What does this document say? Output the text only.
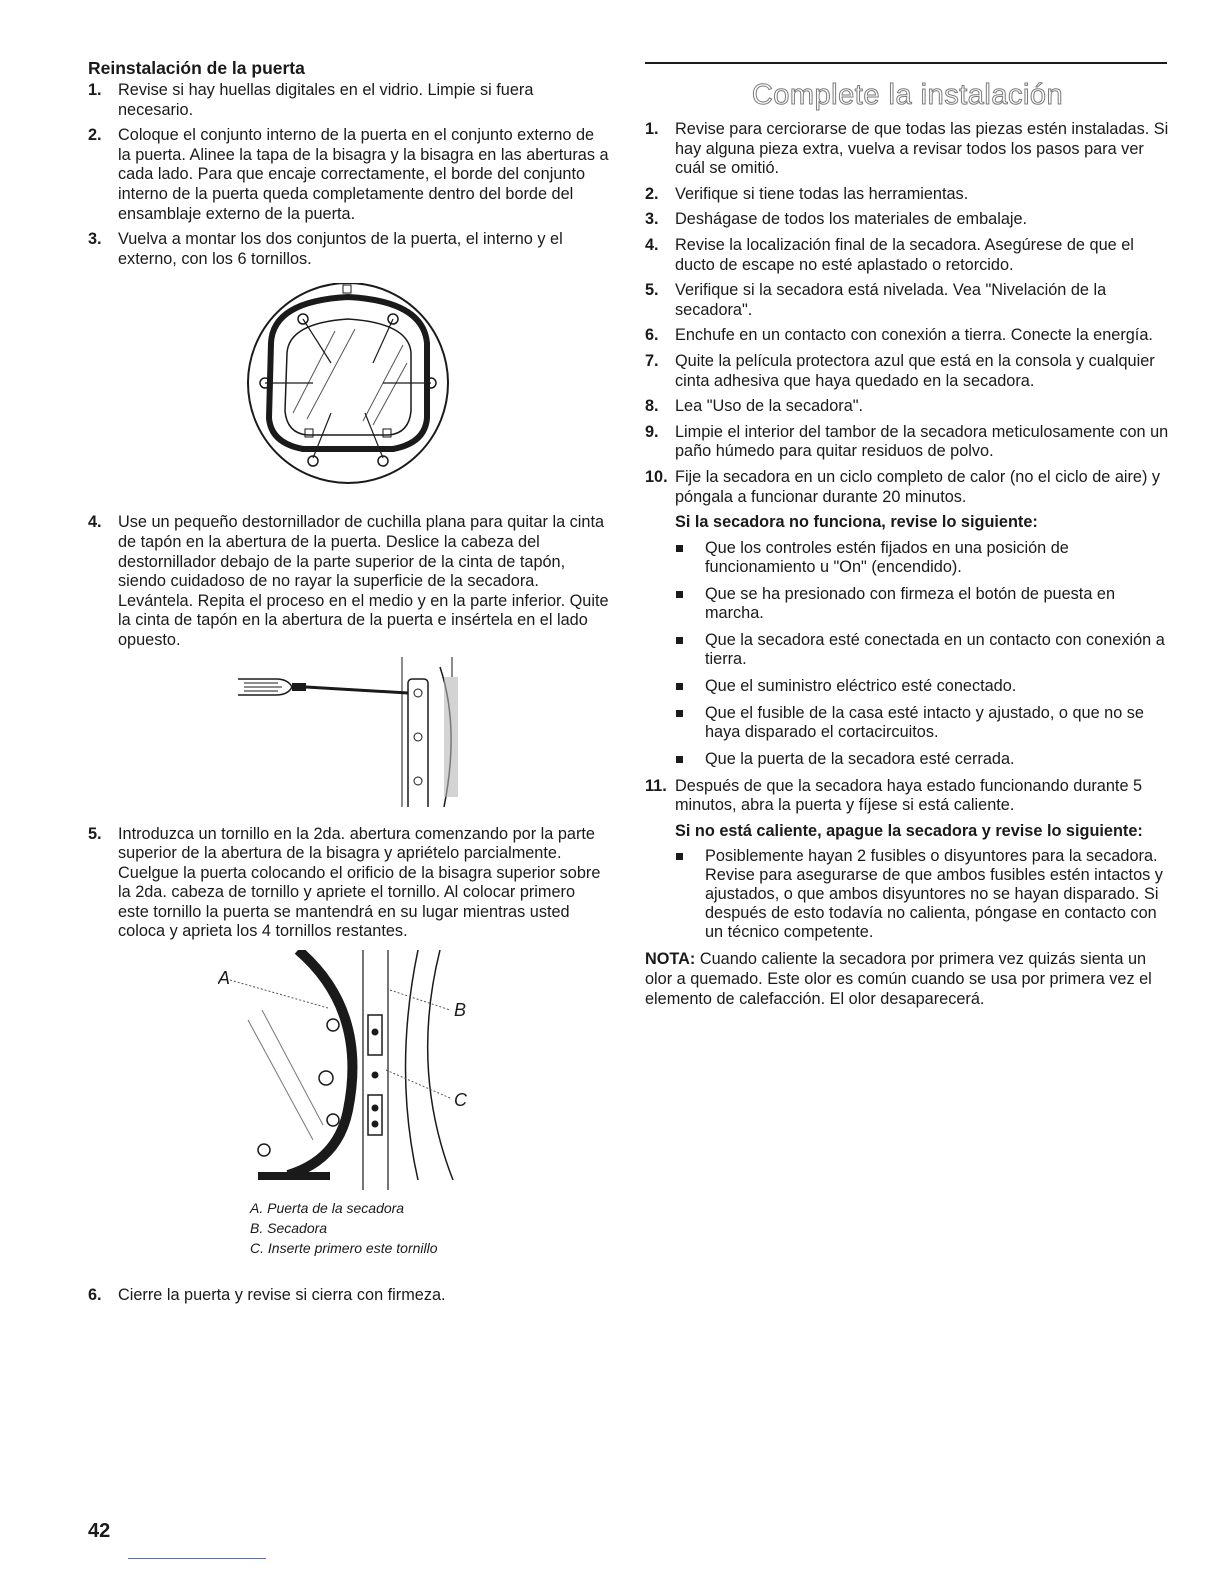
Reinstalación de la puerta
1. Revise si hay huellas digitales en el vidrio. Limpie si fuera necesario.
2. Coloque el conjunto interno de la puerta en el conjunto externo de la puerta. Alinee la tapa de la bisagra y la bisagra en las aberturas a cada lado. Para que encaje correctamente, el borde del conjunto interno de la puerta queda completamente dentro del borde del ensamblaje externo de la puerta.
3. Vuelva a montar los dos conjuntos de la puerta, el interno y el externo, con los 6 tornillos.
4. Use un pequeño destornillador de cuchilla plana para quitar la cinta de tapón en la abertura de la puerta. Deslice la cabeza del destornillador debajo de la parte superior de la cinta de tapón, siendo cuidadoso de no rayar la superficie de la secadora. Levántela. Repita el proceso en el medio y en la parte inferior. Quite la cinta de tapón en la abertura de la puerta e insértela en el lado opuesto.
5. Introduzca un tornillo en la 2da. abertura comenzando por la parte superior de la abertura de la bisagra y apriételo parcialmente. Cuelgue la puerta colocando el orificio de la bisagra superior sobre la 2da. cabeza de tornillo y apriete el tornillo. Al colocar primero este tornillo la puerta se mantendrá en su lugar mientras usted coloca y aprieta los 4 tornillos restantes.
A
B
C
A. Puerta de la secadora
B. Secadora
C. Inserte primero este tornillo
6. Cierre la puerta y revise si cierra con firmeza.
Complete la instalación
1. Revise para cerciorarse de que todas las piezas estén instaladas. Si hay alguna pieza extra, vuelva a revisar todos los pasos para ver cuál se omitió.
2. Verifique si tiene todas las herramientas.
3. Deshágase de todos los materiales de embalaje.
4. Revise la localización final de la secadora. Asegúrese de que el ducto de escape no esté aplastado o retorcido.
5. Verifique si la secadora está nivelada. Vea "Nivelación de la secadora".
6. Enchufe en un contacto con conexión a tierra. Conecte la energía.
7. Quite la película protectora azul que está en la consola y cualquier cinta adhesiva que haya quedado en la secadora.
8. Lea "Uso de la secadora".
9. Limpie el interior del tambor de la secadora meticulosamente con un paño húmedo para quitar residuos de polvo.
10. Fije la secadora en un ciclo completo de calor (no el ciclo de aire) y póngala a funcionar durante 20 minutos.
Si la secadora no funciona, revise lo siguiente:
Que los controles estén fijados en una posición de funcionamiento u "On" (encendido).
Que se ha presionado con firmeza el botón de puesta en marcha.
Que la secadora esté conectada en un contacto con conexión a tierra.
Que el suministro eléctrico esté conectado.
Que el fusible de la casa esté intacto y ajustado, o que no se haya disparado el cortacircuitos.
Que la puerta de la secadora esté cerrada.
11. Después de que la secadora haya estado funcionando durante 5 minutos, abra la puerta y fíjese si está caliente.
Si no está caliente, apague la secadora y revise lo siguiente:
Posiblemente hayan 2 fusibles o disyuntores para la secadora. Revise para asegurarse de que ambos fusibles estén intactos y ajustados, o que ambos disyuntores no se hayan disparado. Si después de esto todavía no calienta, póngase en contacto con un técnico competente.
NOTA: Cuando caliente la secadora por primera vez quizás sienta un olor a quemado. Este olor es común cuando se usa por primera vez el elemento de calefacción. El olor desaparecerá.
42
